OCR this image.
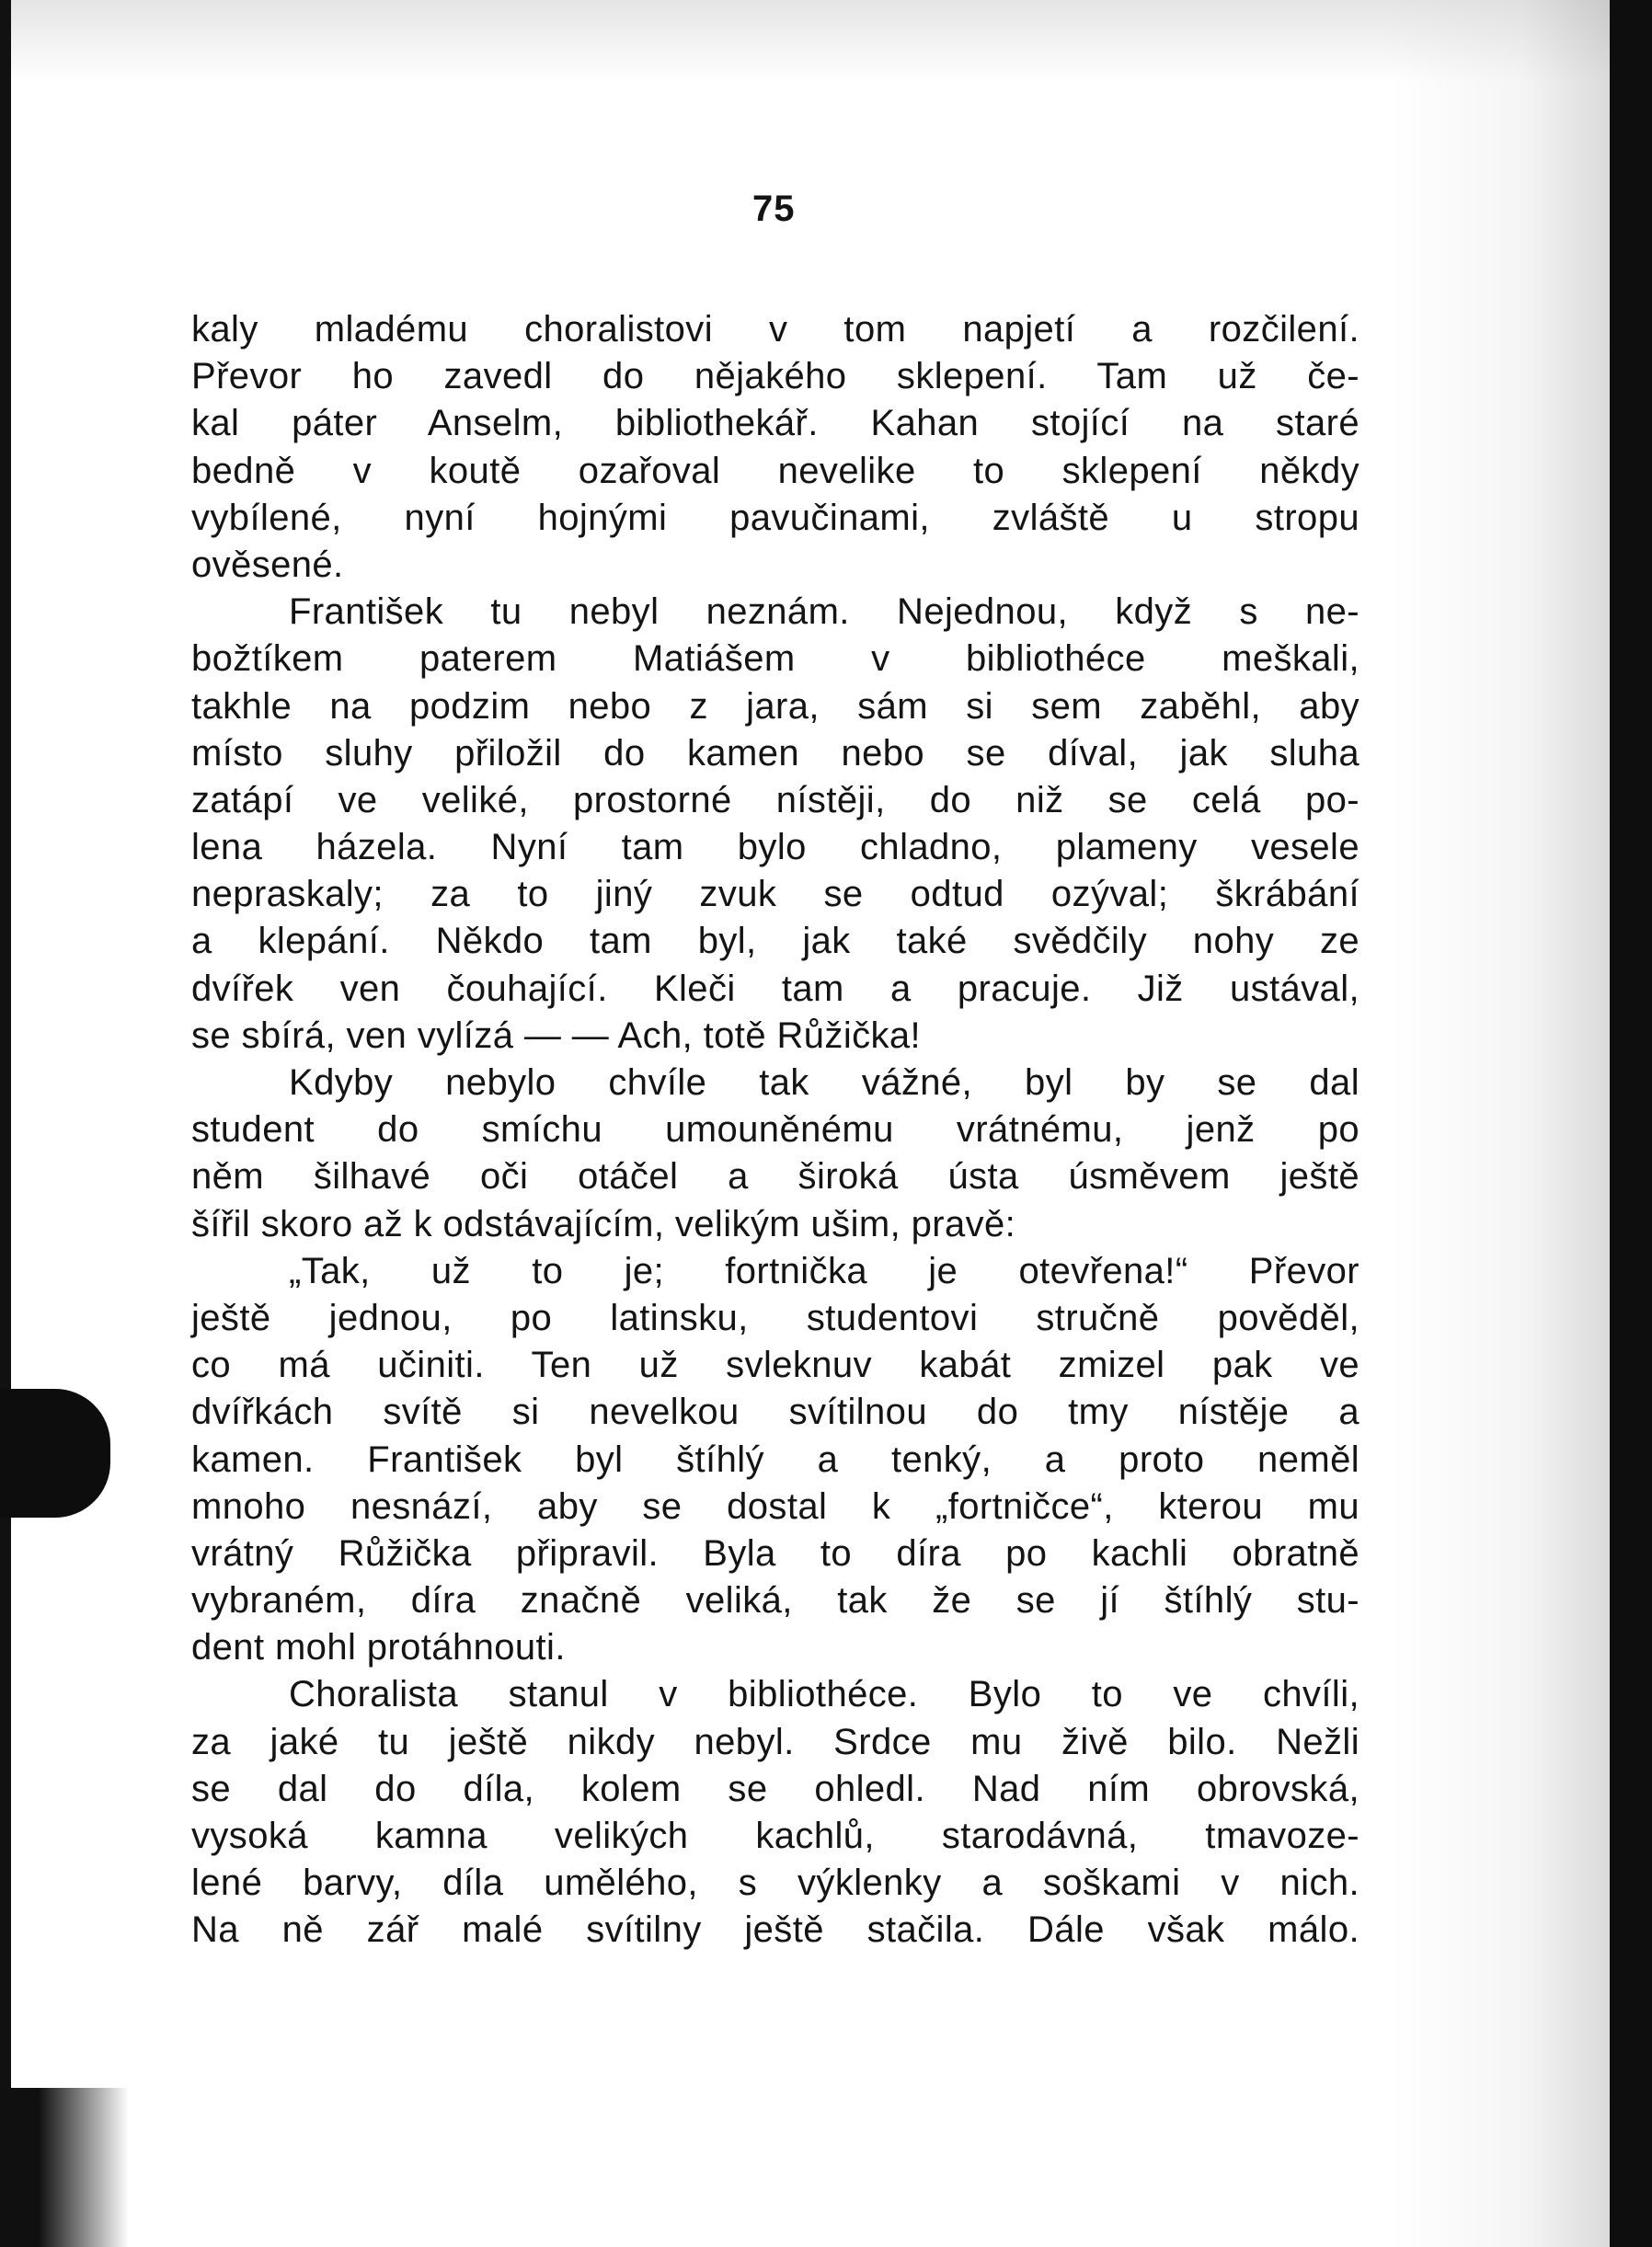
75
kaly mladému choralistovi v tom napjetí a rozčilení.
Převor ho zavedl do nějakého sklepení. Tam už če-
kal páter Anselm, bibliothekář. Kahan stojící na staré
bedně v koutě ozařoval nevelike to sklepení někdy
vybílené, nyní hojnými pavučinami, zvláště u stropu
ověsené.
František tu nebyl neznám. Nejednou, když s ne-
božtíkem paterem Matiášem v bibliothéce meškali,
takhle na podzim nebo z jara, sám si sem zaběhl, aby
místo sluhy přiložil do kamen nebo se díval, jak sluha
zatápí ve veliké, prostorné nístěji, do niž se celá po-
lena házela. Nyní tam bylo chladno, plameny vesele
nepraskaly; za to jiný zvuk se odtud ozýval; škrábání
a klepání. Někdo tam byl, jak také svědčily nohy ze
dvířek ven čouhající. Kleči tam a pracuje. Již ustával,
se sbírá, ven vylízá — — Ach, totě Růžička!
Kdyby nebylo chvíle tak vážné, byl by se dal
student do smíchu umouněnému vrátnému, jenž po
něm šilhavé oči otáčel a široká ústa úsměvem ještě
šířil skoro až k odstávajícím, velikým ušim, pravě:
„Tak, už to je; fortnička je otevřena!“ Převor
ještě jednou, po latinsku, studentovi stručně pověděl,
co má učiniti. Ten už svleknuv kabát zmizel pak ve
dvířkách svítě si nevelkou svítilnou do tmy nístěje a
kamen. František byl štíhlý a tenký, a proto neměl
mnoho nesnází, aby se dostal k „fortničce“, kterou mu
vrátný Růžička připravil. Byla to díra po kachli obratně
vybraném, díra značně veliká, tak že se jí štíhlý stu-
dent mohl protáhnouti.
Choralista stanul v bibliothéce. Bylo to ve chvíli,
za jaké tu ještě nikdy nebyl. Srdce mu živě bilo. Nežli
se dal do díla, kolem se ohledl. Nad ním obrovská,
vysoká kamna velikých kachlů, starodávná, tmavoze-
lené barvy, díla umělého, s výklenky a soškami v nich.
Na ně zář malé svítilny ještě stačila. Dále však málo.
